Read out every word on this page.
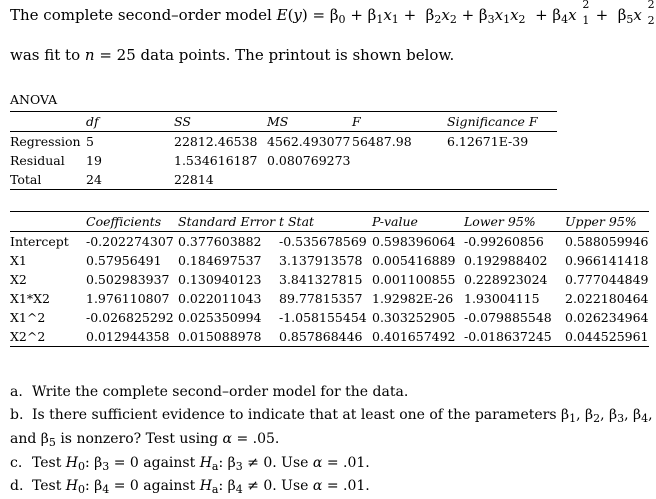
The complete second–order model $E(y) = \beta_0 + \beta_1x_1 + \beta_2x_2 + \beta_3x_1x_2 + \beta_4x$
2
$1 + \beta_5x$
2
2

was fit to n = 25 data points. The printout is shown below.
ANOVA
	df	SS	MS	F	Significance F
Regression	5	22812.46538	4562.493077	56487.98	6.12671E-39
Residual	19	1.534616187	0.080769273		
Total	24	22814			
	Coefficients	Standard Error	t Stat	P-value	Lower 95%	Upper 95%
Intercept	-0.202274307	0.377603882	-0.535678569	0.598396064	-0.99260856	0.588059946
X1	0.57956491	0.184697537	3.137913578	0.005416889	0.192988402	0.966141418
X2	0.502983937	0.130940123	3.841327815	0.001100855	0.228923024	0.777044849
X1*X2	1.976110807	0.022011043	89.77815357	1.92982E-26	1.93004115	2.022180464
X1^2	-0.026825292	0.025350994	-1.058155454	0.303252905	-0.079885548	0.026234964
X2^2	0.012944358	0.015088978	0.857868446	0.401657492	-0.018637245	0.044525961
a. Write the complete second–order model for the data.
b. Is there sufficient evidence to indicate that at least one of the parameters $\beta_1$, $\beta_2$, $\beta_3$, $\beta_4$,
and $\beta_5$ is nonzero? Test using α = .05.
c. Test $H_0$: $\beta_3 = 0$ against $H_a$: $\beta_3 \ne 0$. Use α = .01.
d. Test $H_0$: $\beta_4 = 0$ against $H_a$: $\beta_4 \ne 0$. Use α = .01.
